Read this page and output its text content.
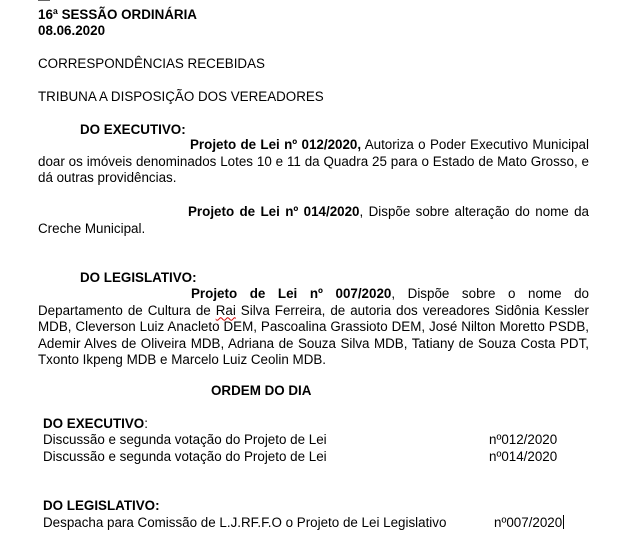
16ª SESSÃO ORDINÁRIA
08.06.2020
CORRESPONDÊNCIAS RECEBIDAS
TRIBUNA A DISPOSIÇÃO DOS VEREADORES
DO EXECUTIVO:
Projeto de Lei nº 012/2020, Autoriza o Poder Executivo Municipal doar os imóveis denominados Lotes 10 e 11 da Quadra 25 para o Estado de Mato Grosso, e dá outras providências.
Projeto de Lei nº 014/2020, Dispõe sobre alteração do nome da Creche Municipal.
DO LEGISLATIVO:
Projeto de Lei nº 007/2020, Dispõe sobre o nome do Departamento de Cultura de Rai Silva Ferreira, de autoria dos vereadores Sidônia Kessler MDB, Cleverson Luiz Anacleto DEM, Pascoalina Grassioto DEM, José Nilton Moretto PSDB, Ademir Alves de Oliveira MDB, Adriana de Souza Silva MDB, Tatiany de Souza Costa PDT, Txonto Ikpeng MDB e Marcelo Luiz Ceolin MDB.
ORDEM DO DIA
DO EXECUTIVO:
Discussão e segunda votação do Projeto de Lei	nº012/2020
Discussão e segunda votação do Projeto de Lei	nº014/2020
DO LEGISLATIVO:
Despacha para Comissão de L.J.RF.F.O o Projeto de Lei Legislativo	nº007/2020
